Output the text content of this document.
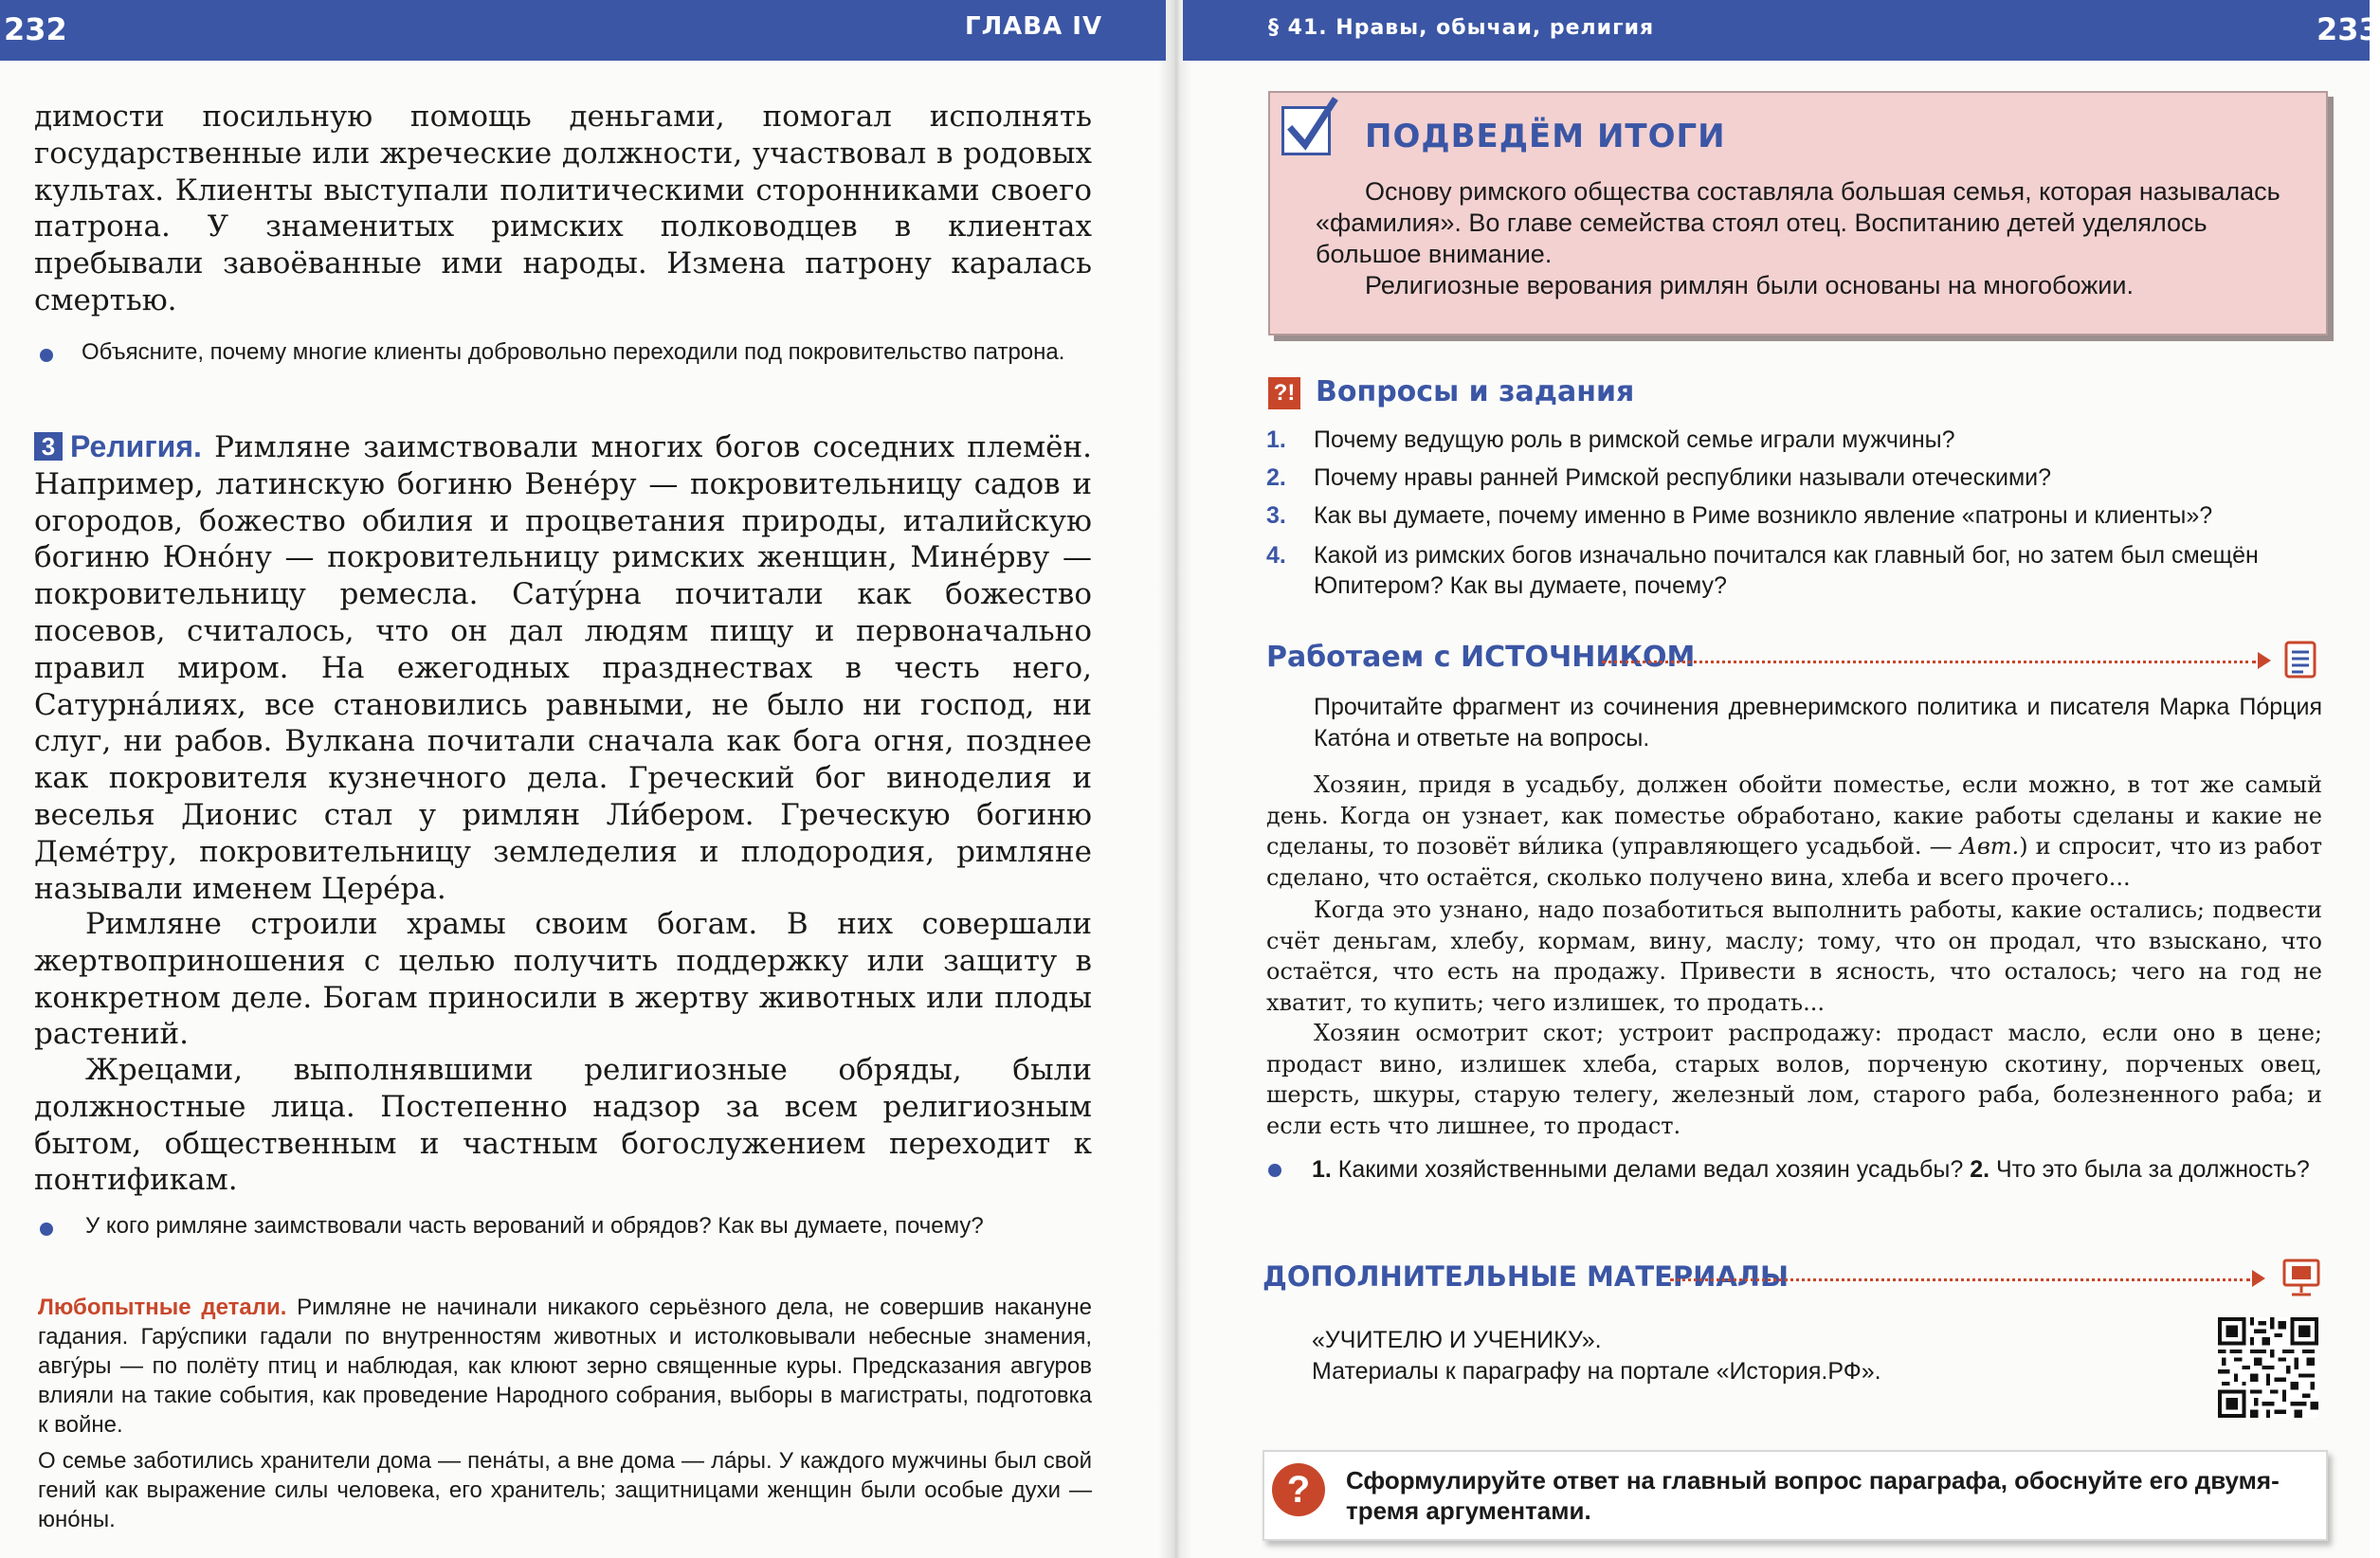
232	ГЛАВА IV	§ 41. Нравы, обычаи, религия	233
димости посильную помощь деньгами, помогал исполнять государственные или жреческие должности, участвовал в родовых культах. Клиенты выступали политическими сторонниками своего патрона. У знаменитых римских полководцев в клиентах пребывали завоёванные ими народы. Измена патрону каралась смертью.
Объясните, почему многие клиенты добровольно переходили под покровительство патрона.
3 Религия. Римляне заимствовали многих богов соседних племён. Например, латинскую богиню Вене́ру — покровительницу садов и огородов, божество обилия и процветания природы, италийскую богиню Юно́ну — покровительницу римских женщин, Мине́рву — покровительницу ремесла. Сату́рна почитали как божество посевов, считалось, что он дал людям пищу и первоначально правил миром. На ежегодных празднествах в честь него, Сатурна́лиях, все становились равными, не было ни господ, ни слуг, ни рабов. Вулкана почитали сначала как бога огня, позднее как покровителя кузнечного дела. Греческий бог виноделия и веселья Дионис стал у римлян Ли́бером. Греческую богиню Деме́тру, покровительницу земледелия и плодородия, римляне называли именем Цере́ра.
Римляне строили храмы своим богам. В них совершали жертвоприношения с целью получить поддержку или защиту в конкретном деле. Богам приносили в жертву животных или плоды растений.
Жрецами, выполнявшими религиозные обряды, были должностные лица. Постепенно надзор за всем религиозным бытом, общественным и частным богослужением переходит к понтификам.
У кого римляне заимствовали часть верований и обрядов? Как вы думаете, почему?
Любопытные детали. Римляне не начинали никакого серьёзного дела, не совершив накануне гадания. Гару́спики гадали по внутренностям животных и истолковывали небесные знамения, авгу́ры — по полёту птиц и наблюдая, как клюют зерно священные куры. Предсказания авгуров влияли на такие события, как проведение Народного собрания, выборы в магистраты, подготовка к войне.
О семье заботились хранители дома — пена́ты, а вне дома — ла́ры. У каждого мужчины был свой гений как выражение силы человека, его хранитель; защитницами женщин были особые духи — юно́ны.
ПОДВЕДЁМ ИТОГИ
Основу римского общества составляла большая семья, которая называлась «фамилия». Во главе семейства стоял отец. Воспитанию детей уделялось большое внимание.
Религиозные верования римлян были основаны на многобожии.
?! Вопросы и задания
1. Почему ведущую роль в римской семье играли мужчины?
2. Почему нравы ранней Римской республики называли отеческими?
3. Как вы думаете, почему именно в Риме возникло явление «патроны и клиенты»?
4. Какой из римских богов изначально почитался как главный бог, но затем был смещён Юпитером? Как вы думаете, почему?
Работаем с ИСТОЧНИКОМ
Прочитайте фрагмент из сочинения древнеримского политика и писателя Марка По́рция Като́на и ответьте на вопросы.
Хозяин, придя в усадьбу, должен обойти поместье, если можно, в тот же самый день. Когда он узнает, как поместье обработано, какие работы сделаны и какие не сделаны, то позовёт ви́лика (управляющего усадьбой. — Авт.) и спросит, что из работ сделано, что остаётся, сколько получено вина, хлеба и всего прочего...
Когда это узнано, надо позаботиться выполнить работы, какие остались; подвести счёт деньгам, хлебу, кормам, вину, маслу; тому, что он продал, что взыскано, что остаётся, что есть на продажу. Привести в ясность, что осталось; чего на год не хватит, то купить; чего излишек, то продать...
Хозяин осмотрит скот; устроит распродажу: продаст масло, если оно в цене; продаст вино, излишек хлеба, старых волов, порченую скотину, порченых овец, шерсть, шкуры, старую телегу, железный лом, старого раба, болезненного раба; и если есть что лишнее, то продаст.
1. Какими хозяйственными делами ведал хозяин усадьбы? 2. Что это была за должность?
ДОПОЛНИТЕЛЬНЫЕ МАТЕРИАЛЫ
«УЧИТЕЛЮ И УЧЕНИКУ».
Материалы к параграфу на портале «История.РФ».
?	Сформулируйте ответ на главный вопрос параграфа, обоснуйте его двумя-тремя аргументами.
